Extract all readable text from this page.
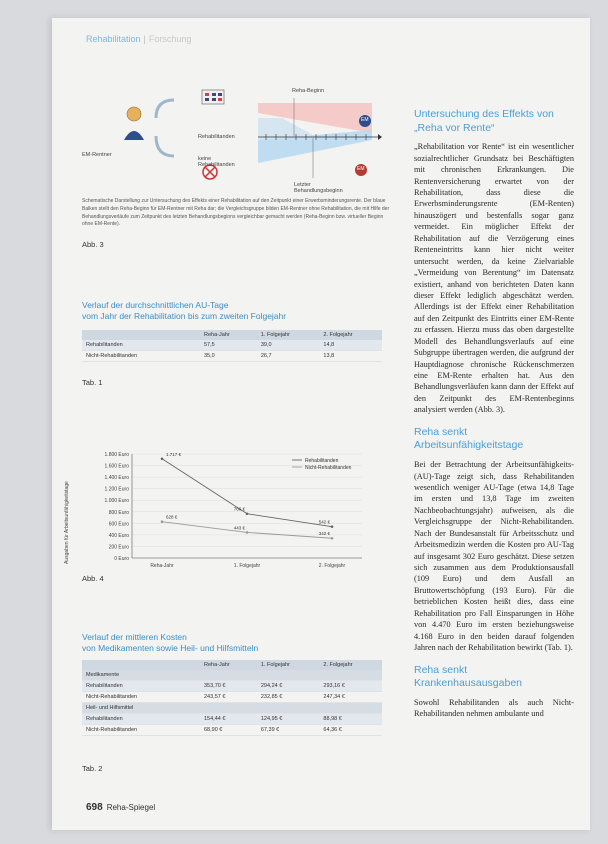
Rehabilitation | Forschung
EM-Rentner
Rehabilitanden
keine Rehabilitanden
Reha-Beginn
Letzter Behandlungsbeginn
EM
EM
Schematische Darstellung zur Untersuchung des Effekts einer Rehabilitation auf den Zeitpunkt einer Erwerbsminderungsrente. Der blaue Balken stellt den Reha-Beginn für EM-Rentner mit Reha dar; die Vergleichsgruppe bilden EM-Rentner ohne Rehabilitation, die mit Hilfe der Behandlungsverläufe zum Zeitpunkt des letzten Behandlungsbeginns vergleichbar gemacht werden (Reha-Beginn bzw. virtueller Beginn ohne EM-Rente).
Abb. 3
Verlauf der durchschnittlichen AU-Tage
vom Jahr der Rehabilitation bis zum zweiten Folgejahr
	Reha-Jahr	1. Folgejahr	2. Folgejahr
Rehabilitanden	57,5	39,0	14,8
Nicht-Rehabilitanden	35,0	26,7	13,8
Tab. 1
Ausgaben für Arbeitsunfähigkeitstage	0 Euro
200 Euro
400 Euro
600 Euro
800 Euro
1.000 Euro
1.200 Euro
1.400 Euro
1.600 Euro
1.800 Euro
Reha-Jahr	1. Folgejahr	2. Folgejahr
1.717 €
766 €
542 €
628 €
443 €
342 €
Rehabilitanden
Nicht-Rehabilitanden
Abb. 4
Verlauf der mittleren Kosten
von Medikamenten sowie Heil- und Hilfsmitteln
	Reha-Jahr	1. Folgejahr	2. Folgejahr
Medikamente			
Rehabilitanden	353,70 €	294,24 €	293,16 €
Nicht-Rehabilitanden	243,57 €	232,85 €	247,34 €
Heil- und Hilfsmittel			
Rehabilitanden	154,44 €	124,95 €	88,98 €
Nicht-Rehabilitanden	68,90 €	67,39 €	64,36 €
Tab. 2
Untersuchung des Effekts von „Reha vor Rente“
„Rehabilitation vor Rente“ ist ein wesentlicher sozialrechtlicher Grundsatz bei Beschäftigten mit chronischen Erkrankungen. Die Rentenversicherung erwartet von der Rehabilitation, dass diese die Erwerbsminderungsrente (EM-Renten) hinauszögert und bestenfalls sogar ganz vermeidet. Ein möglicher Effekt der Rehabilitation auf die Verzögerung eines Renteneintritts kann hier nicht weiter untersucht werden, da keine Zielvariable „Vermeidung von Berentung“ im Datensatz existiert, anhand von berichteten Daten kann dieser Effekt lediglich abgeschätzt werden. Allerdings ist der Effekt einer Rehabilitation auf den Zeitpunkt des Eintritts einer EM-Rente zu erfassen. Hierzu muss das oben dargestellte Modell des Behandlungsverlaufs auf eine Subgruppe übertragen werden, die aufgrund der Hauptdiagnose chronische Rückenschmerzen eine EM-Rente erhalten hat. Aus den Behandlungsverläufen kann dann der Effekt auf den Zeitpunkt des EM-Rentenbeginns analysiert werden (Abb. 3).
Reha senkt Arbeitsunfähigkeitstage
Bei der Betrachtung der Arbeitsunfähigkeits-(AU)-Tage zeigt sich, dass Rehabilitanden wesentlich weniger AU-Tage (etwa 14,8 Tage im ersten und 13,8 Tage im zweiten Nachbeobachtungsjahr) aufweisen, als die Vergleichsgruppe der Nicht-Rehabilitanden. Nach der Bundesanstalt für Arbeitsschutz und Arbeitsmedizin werden die Kosten pro AU-Tag auf insgesamt 302 Euro geschätzt. Diese setzen sich zusammen aus dem Produktionsausfall (109 Euro) und dem Ausfall an Bruttowertschöpfung (193 Euro). Für die betrieblichen Kosten heißt dies, dass eine Rehabilitation pro Fall Einsparungen in Höhe von 4.470 Euro im ersten beziehungsweise 4.168 Euro in den beiden darauf folgenden Jahren nach der Rehabilitation bewirkt (Tab. 1).
Reha senkt Krankenhausausgaben
Sowohl Rehabilitanden als auch Nicht-Rehabilitanden nehmen ambulante und
698 Reha-Spiegel
